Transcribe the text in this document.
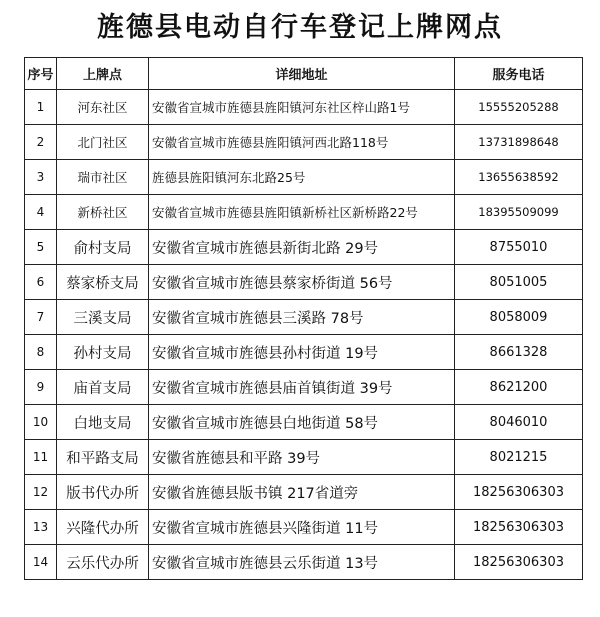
旌德县电动自行车登记上牌网点
序号	上牌点	详细地址	服务电话
1	河东社区	安徽省宣城市旌德县旌阳镇河东社区梓山路1号	15555205288
2	北门社区	安徽省宣城市旌德县旌阳镇河西北路118号	13731898648
3	瑞市社区	旌德县旌阳镇河东北路25号	13655638592
4	新桥社区	安徽省宣城市旌德县旌阳镇新桥社区新桥路22号	18395509099
5	俞村支局	安徽省宣城市旌德县新街北路 29号	8755010
6	蔡家桥支局	安徽省宣城市旌德县蔡家桥街道 56号	8051005
7	三溪支局	安徽省宣城市旌德县三溪路 78号	8058009
8	孙村支局	安徽省宣城市旌德县孙村街道 19号	8661328
9	庙首支局	安徽省宣城市旌德县庙首镇街道 39号	8621200
10	白地支局	安徽省宣城市旌德县白地街道 58号	8046010
11	和平路支局	安徽省旌德县和平路 39号	8021215
12	版书代办所	安徽省旌德县版书镇 217省道旁	18256306303
13	兴隆代办所	安徽省宣城市旌德县兴隆街道 11号	18256306303
14	云乐代办所	安徽省宣城市旌德县云乐街道 13号	18256306303
